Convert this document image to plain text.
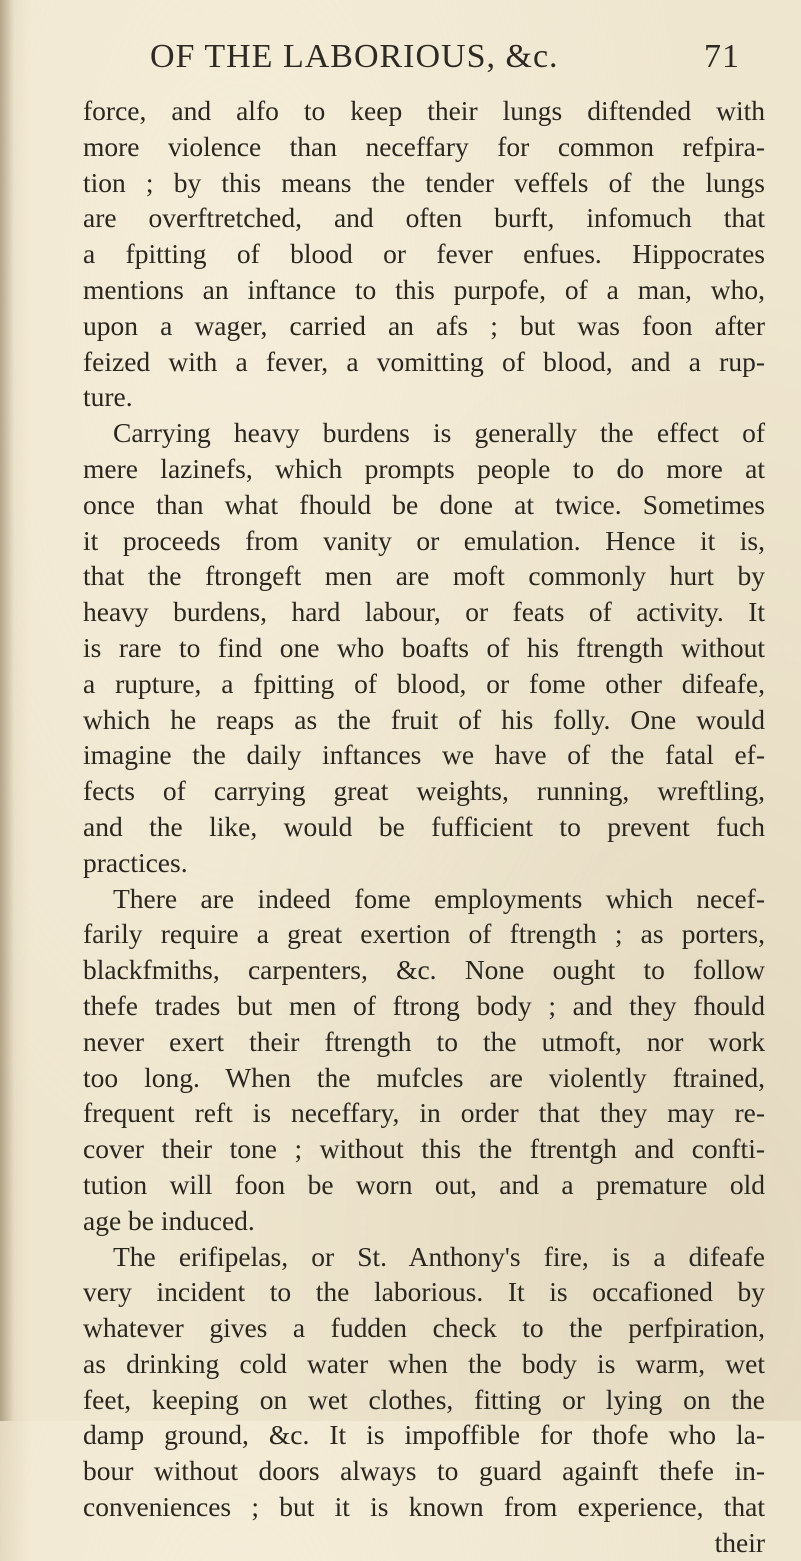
OF THE LABORIOUS, &c.	71
force, and alfo to keep their lungs diftended with
more violence than neceffary for common refpira-
tion ; by this means the tender veffels of the lungs
are overftretched, and often burft, infomuch that
a fpitting of blood or fever enfues. Hippocrates
mentions an inftance to this purpofe, of a man, who,
upon a wager, carried an afs ; but was foon after
feized with a fever, a vomitting of blood, and a rup-
ture.
Carrying heavy burdens is generally the effect of
mere lazinefs, which prompts people to do more at
once than what fhould be done at twice. Sometimes
it proceeds from vanity or emulation. Hence it is,
that the ftrongeft men are moft commonly hurt by
heavy burdens, hard labour, or feats of activity. It
is rare to find one who boafts of his ftrength without
a rupture, a fpitting of blood, or fome other difeafe,
which he reaps as the fruit of his folly. One would
imagine the daily inftances we have of the fatal ef-
fects of carrying great weights, running, wreftling,
and the like, would be fufficient to prevent fuch
practices.
There are indeed fome employments which necef-
farily require a great exertion of ftrength ; as porters,
blackfmiths, carpenters, &c. None ought to follow
thefe trades but men of ftrong body ; and they fhould
never exert their ftrength to the utmoft, nor work
too long. When the mufcles are violently ftrained,
frequent reft is neceffary, in order that they may re-
cover their tone ; without this the ftrentgh and confti-
tution will foon be worn out, and a premature old
age be induced.
The erifipelas, or St. Anthony's fire, is a difeafe
very incident to the laborious. It is occafioned by
whatever gives a fudden check to the perfpiration,
as drinking cold water when the body is warm, wet
feet, keeping on wet clothes, fitting or lying on the
damp ground, &c. It is impoffible for thofe who la-
bour without doors always to guard againft thefe in-
conveniences ; but it is known from experience, that
their
